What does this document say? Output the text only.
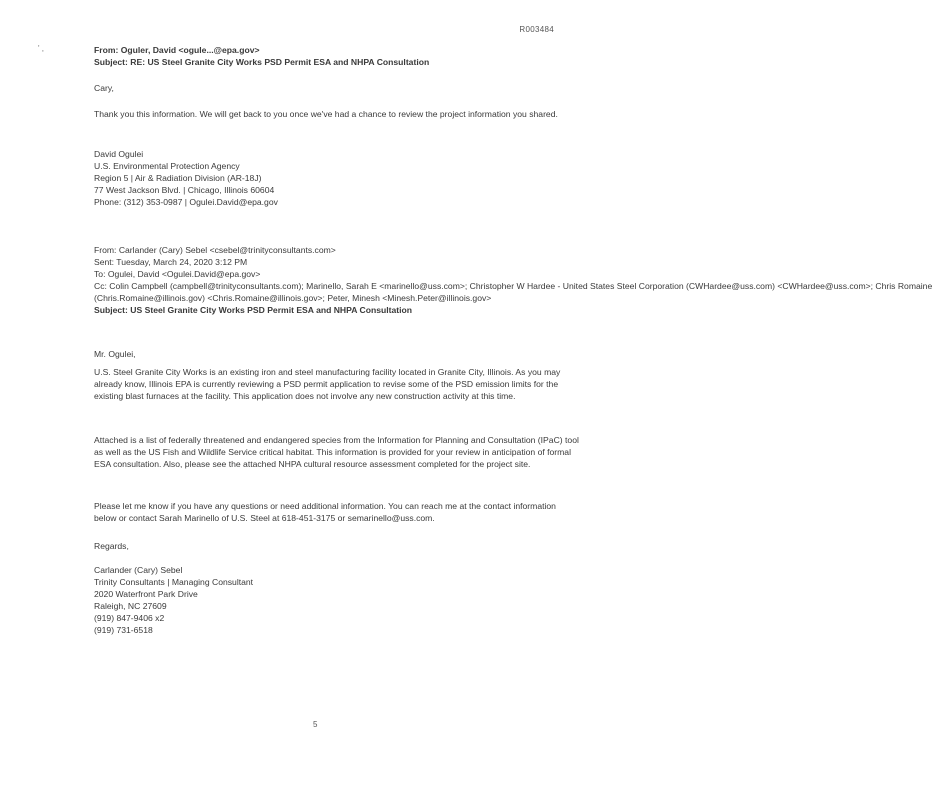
R003484
' ,	From: Oguler, David <ogule...@epa.gov>
Subject: RE: US Steel Granite City Works PSD Permit ESA and NHPA Consultation
Cary,
Thank you this information. We will get back to you once we've had a chance to review the project information you shared.
David Ogulei
U.S. Environmental Protection Agency
Region 5 | Air & Radiation Division (AR-18J)
77 West Jackson Blvd. | Chicago, Illinois 60604
Phone: (312) 353-0987 | Ogulei.David@epa.gov
From: Carlander (Cary) Sebel <csebel@trinityconsultants.com>
Sent: Tuesday, March 24, 2020 3:12 PM
To: Ogulei, David <Ogulei.David@epa.gov>
Cc: Colin Campbell (campbell@trinityconsultants.com); Marinello, Sarah E <marinello@uss.com>; Christopher W Hardee - United States Steel Corporation (CWHardee@uss.com) <CWHardee@uss.com>; Chris Romaine
(Chris.Romaine@illinois.gov) <Chris.Romaine@illinois.gov>; Peter, Minesh <Minesh.Peter@illinois.gov>
Subject: US Steel Granite City Works PSD Permit ESA and NHPA Consultation
Mr. Ogulei,
U.S. Steel Granite City Works is an existing iron and steel manufacturing facility located in Granite City, Illinois. As you may already know, Illinois EPA is currently reviewing a PSD permit application to revise some of the PSD emission limits for the existing blast furnaces at the facility. This application does not involve any new construction activity at this time.
Attached is a list of federally threatened and endangered species from the Information for Planning and Consultation (IPaC) tool as well as the US Fish and Wildlife Service critical habitat. This information is provided for your review in anticipation of formal ESA consultation. Also, please see the attached NHPA cultural resource assessment completed for the project site.
Please let me know if you have any questions or need additional information. You can reach me at the contact information below or contact Sarah Marinello of U.S. Steel at 618-451-3175 or semarinello@uss.com.
Regards,
Carlander (Cary) Sebel
Trinity Consultants | Managing Consultant
2020 Waterfront Park Drive
Raleigh, NC 27609
(919) 847-9406 x2
(919) 731-6518
5
